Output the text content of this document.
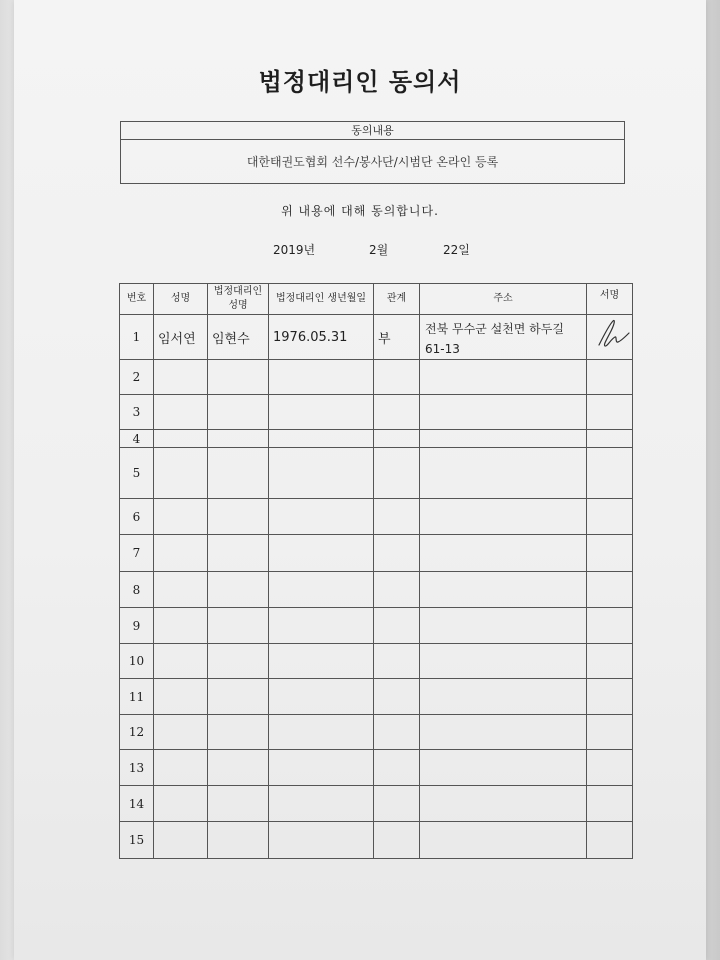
법정대리인 동의서
동의내용
대한태권도협회 선수/봉사단/시범단 온라인 등록
위 내용에 대해 동의합니다.
2019년	2월	22일
번호	성명	법정대리인 성명	법정대리인 생년월일	관계	주소	서명

1	임서연	임현수	1976.05.31	부	전북 무수군 설천면 하두길 61-13	

2						
3						
4						
5						
6						
7						
8						
9						
10						
11						
12						
13						
14						
15						
